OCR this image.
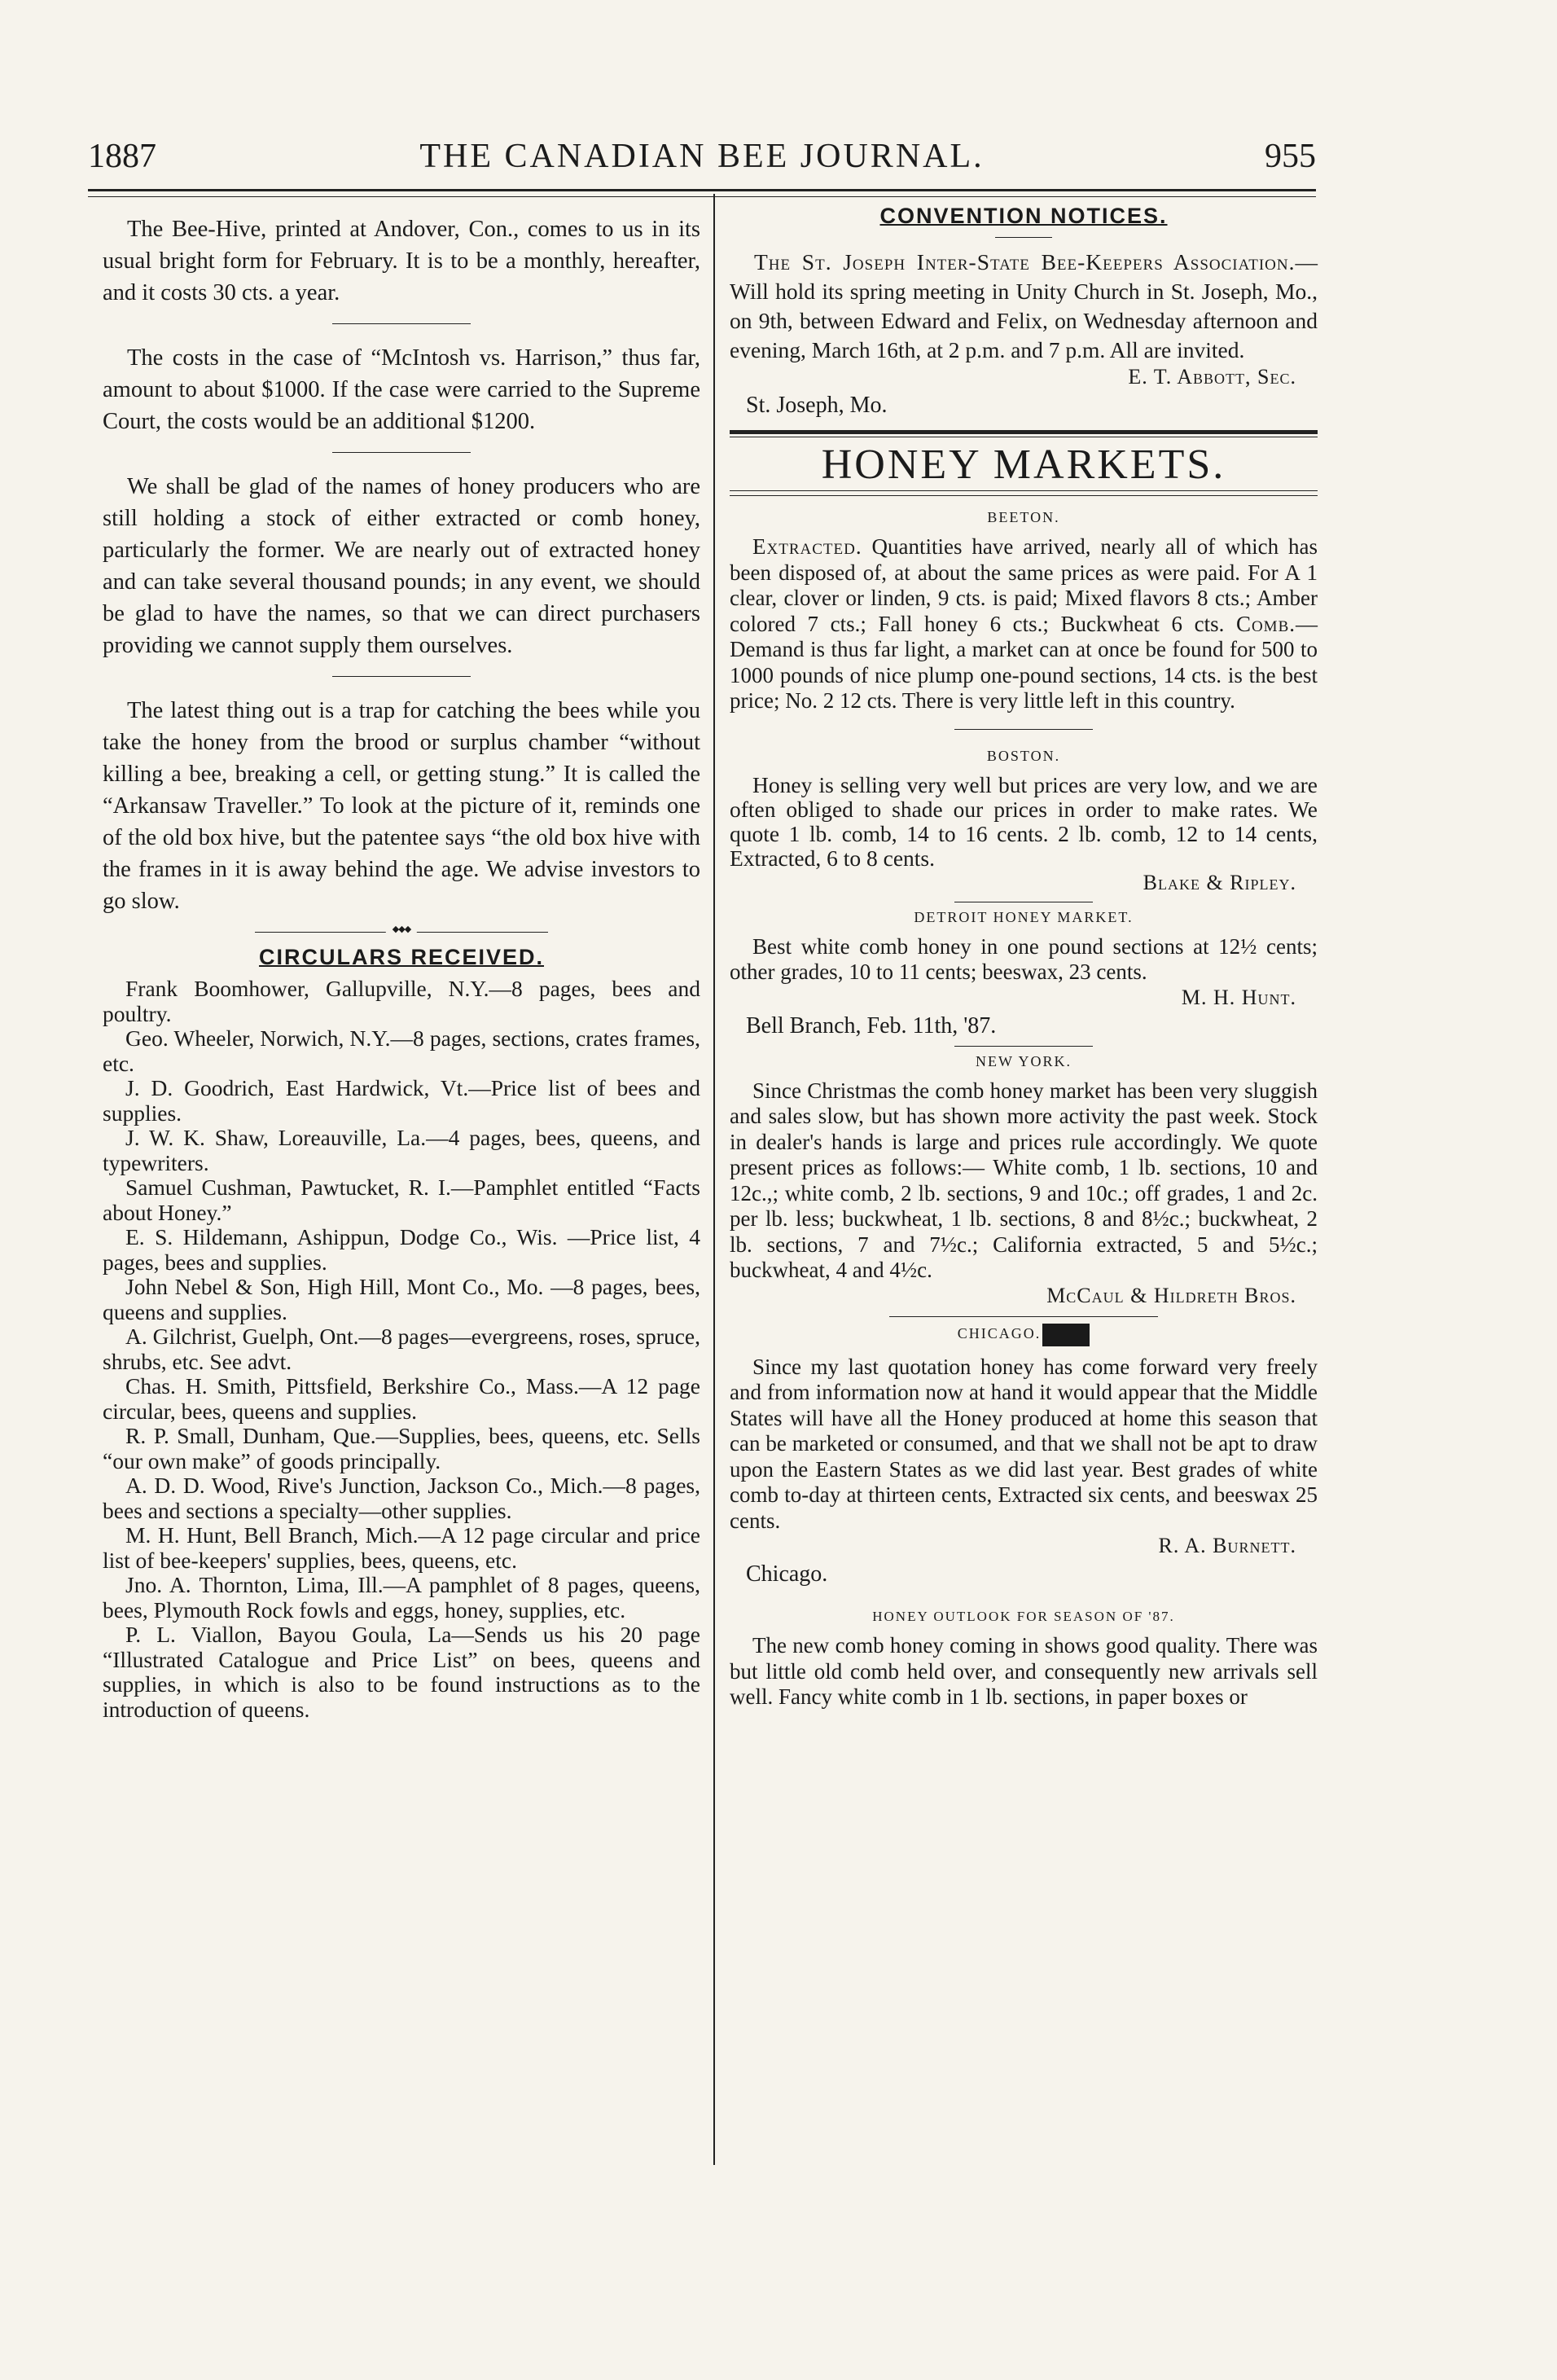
1887	THE CANADIAN BEE JOURNAL.	955

The Bee-Hive, printed at Andover, Con., comes to us in its usual bright form for February. It is to be a monthly, hereafter, and it costs 30 cts. a year.

The costs in the case of “McIntosh vs. Harrison,” thus far, amount to about $1000. If the case were carried to the Supreme Court, the costs would be an additional $1200.

We shall be glad of the names of honey producers who are still holding a stock of either extracted or comb honey, particularly the former. We are nearly out of extracted honey and can take several thousand pounds; in any event, we should be glad to have the names, so that we can direct purchasers providing we cannot supply them ourselves.

The latest thing out is a trap for catching the bees while you take the honey from the brood or surplus chamber “without killing a bee, breaking a cell, or getting stung.” It is called the “Arkansaw Traveller.” To look at the picture of it, reminds one of the old box hive, but the patentee says “the old box hive with the frames in it is away behind the age. We advise investors to go slow.

◆◆◆
CIRCULARS RECEIVED.

Frank Boomhower, Gallupville, N.Y.—8 pages, bees and poultry.

Geo. Wheeler, Norwich, N.Y.—8 pages, sections, crates frames, etc.

J. D. Goodrich, East Hardwick, Vt.—Price list of bees and supplies.

J. W. K. Shaw, Loreauville, La.—4 pages, bees, queens, and typewriters.

Samuel Cushman, Pawtucket, R. I.—Pamphlet entitled “Facts about Honey.”

E. S. Hildemann, Ashippun, Dodge Co., Wis. —Price list, 4 pages, bees and supplies.

John Nebel & Son, High Hill, Mont Co., Mo. —8 pages, bees, queens and supplies.

A. Gilchrist, Guelph, Ont.—8 pages—evergreens, roses, spruce, shrubs, etc. See advt.

Chas. H. Smith, Pittsfield, Berkshire Co., Mass.—A 12 page circular, bees, queens and supplies.

R. P. Small, Dunham, Que.—Supplies, bees, queens, etc. Sells “our own make” of goods principally.

A. D. D. Wood, Rive's Junction, Jackson Co., Mich.—8 pages, bees and sections a specialty—other supplies.

M. H. Hunt, Bell Branch, Mich.—A 12 page circular and price list of bee-keepers' supplies, bees, queens, etc.

Jno. A. Thornton, Lima, Ill.—A pamphlet of 8 pages, queens, bees, Plymouth Rock fowls and eggs, honey, supplies, etc.

P. L. Viallon, Bayou Goula, La—Sends us his 20 page “Illustrated Catalogue and Price List” on bees, queens and supplies, in which is also to be found instructions as to the introduction of queens.

CONVENTION NOTICES.

The St. Joseph Inter-State Bee-Keepers Association.—Will hold its spring meeting in Unity Church in St. Joseph, Mo., on 9th, between Edward and Felix, on Wednesday afternoon and evening, March 16th, at 2 p.m. and 7 p.m. All are invited.

E. T. Abbott, Sec.
St. Joseph, Mo.
HONEY MARKETS.
BEETON.

Extracted. Quantities have arrived, nearly all of which has been disposed of, at about the same prices as were paid. For A 1 clear, clover or linden, 9 cts. is paid; Mixed flavors 8 cts.; Amber colored 7 cts.; Fall honey 6 cts.; Buckwheat 6 cts. Comb.—Demand is thus far light, a market can at once be found for 500 to 1000 pounds of nice plump one-pound sections, 14 cts. is the best price; No. 2 12 cts. There is very little left in this country.

BOSTON.

Honey is selling very well but prices are very low, and we are often obliged to shade our prices in order to make rates. We quote 1 lb. comb, 14 to 16 cents. 2 lb. comb, 12 to 14 cents, Extracted, 6 to 8 cents.

Blake & Ripley.
DETROIT HONEY MARKET.

Best white comb honey in one pound sections at 12½ cents; other grades, 10 to 11 cents; beeswax, 23 cents.

M. H. Hunt.
Bell Branch, Feb. 11th, '87.
NEW YORK.

Since Christmas the comb honey market has been very sluggish and sales slow, but has shown more activity the past week. Stock in dealer's hands is large and prices rule accordingly. We quote present prices as follows:— White comb, 1 lb. sections, 10 and 12c.,; white comb, 2 lb. sections, 9 and 10c.; off grades, 1 and 2c. per lb. less; buckwheat, 1 lb. sections, 8 and 8½c.; buckwheat, 2 lb. sections, 7 and 7½c.; California extracted, 5 and 5½c.; buckwheat, 4 and 4½c.

McCaul & Hildreth Bros.
CHICAGO.

Since my last quotation honey has come forward very freely and from information now at hand it would appear that the Middle States will have all the Honey produced at home this season that can be marketed or consumed, and that we shall not be apt to draw upon the Eastern States as we did last year. Best grades of white comb to-day at thirteen cents, Extracted six cents, and beeswax 25 cents.

R. A. Burnett.
Chicago.
HONEY OUTLOOK FOR SEASON OF '87.

The new comb honey coming in shows good quality. There was but little old comb held over, and consequently new arrivals sell well. Fancy white comb in 1 lb. sections, in paper boxes or
